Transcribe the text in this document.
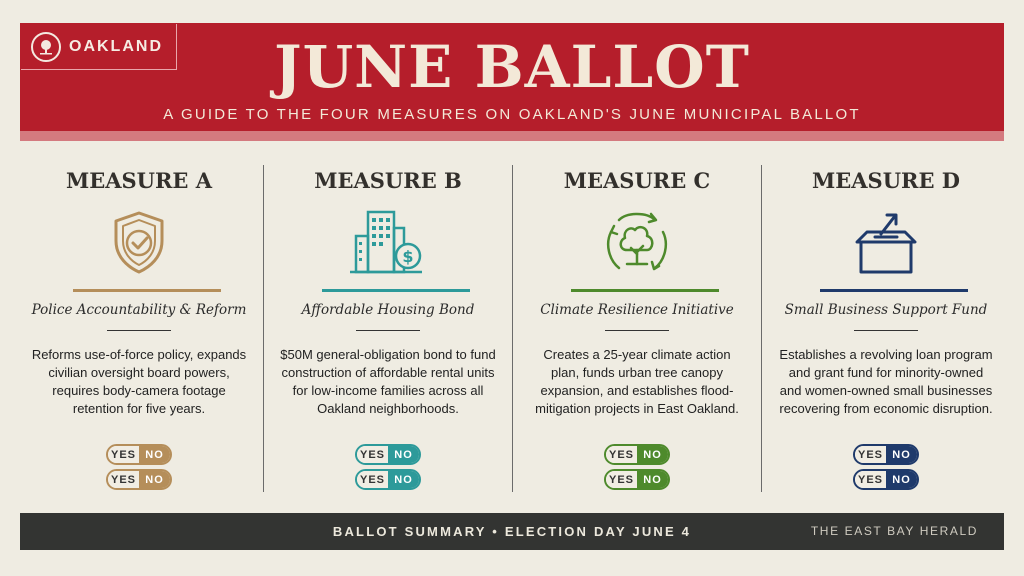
OAKLAND	JUNE BALLOT
A GUIDE TO THE FOUR MEASURES ON OAKLAND'S JUNE MUNICIPAL BALLOT
MEASURE A
Police Accountability & Reform
Reforms use-of-force policy, expands civilian oversight board powers, requires body-camera footage retention for five years.
YES NO
YES NO
MEASURE B
$
Affordable Housing Bond
$50M general-obligation bond to fund construction of affordable rental units for low-income families across all Oakland neighborhoods.
YES NO
YES NO
MEASURE C
Climate Resilience Initiative
Creates a 25-year climate action plan, funds urban tree canopy expansion, and establishes flood-mitigation projects in East Oakland.
YES NO
YES NO
MEASURE D
Small Business Support Fund
Establishes a revolving loan program and grant fund for minority-owned and women-owned small businesses recovering from economic disruption.
YES NO
YES NO
BALLOT SUMMARY • ELECTION DAY JUNE 4	THE EAST BAY HERALD
